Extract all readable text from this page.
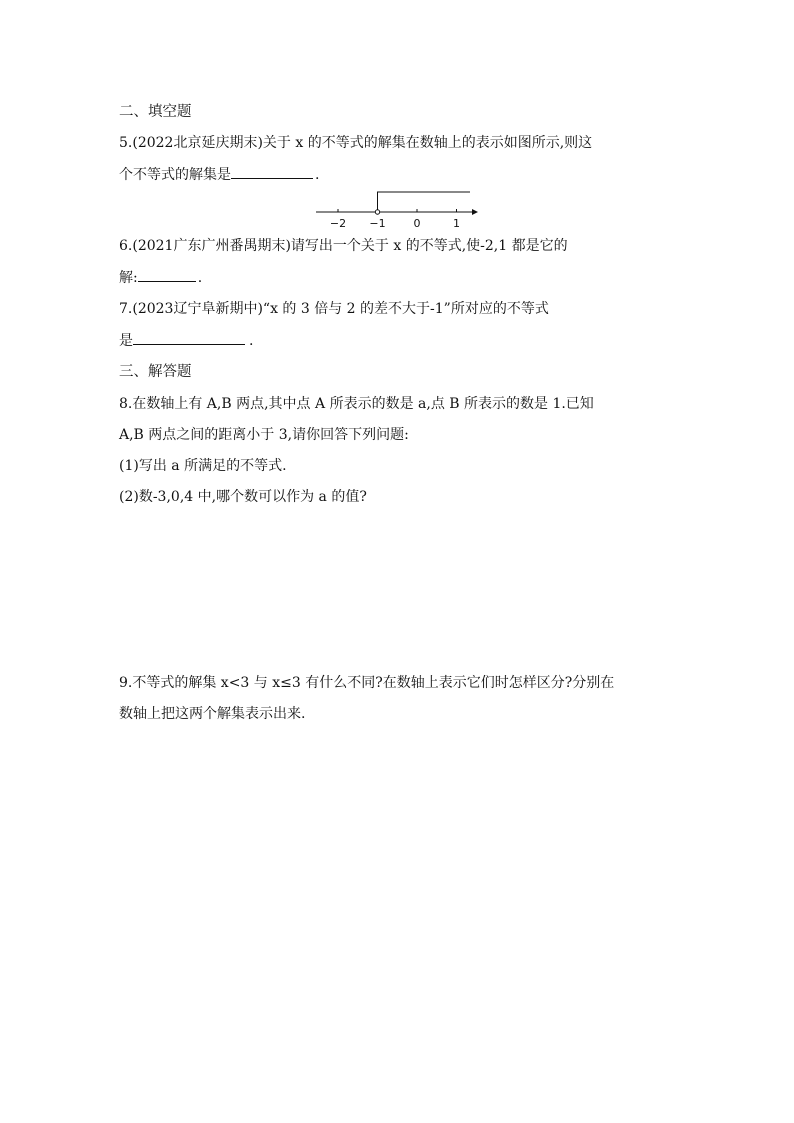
二、填空题
5.(2022北京延庆期末)关于 x 的不等式的解集在数轴上的表示如图所示,则这
个不等式的解集是	.
−2 −1	0	1
6.(2021广东广州番禺期末)请写出一个关于 x 的不等式,使-2,1 都是它的
解:	.
7.(2023辽宁阜新期中)“x 的 3 倍与 2 的差不大于-1”所对应的不等式
是	.
三、解答题
8.在数轴上有 A,B 两点,其中点 A 所表示的数是 a,点 B 所表示的数是 1.已知
A,B 两点之间的距离小于 3,请你回答下列问题:
(1)写出 a 所满足的不等式.
(2)数-3,0,4 中,哪个数可以作为 a 的值?
9.不等式的解集 x<3 与 x≤3 有什么不同?在数轴上表示它们时怎样区分?分别在
数轴上把这两个解集表示出来.
